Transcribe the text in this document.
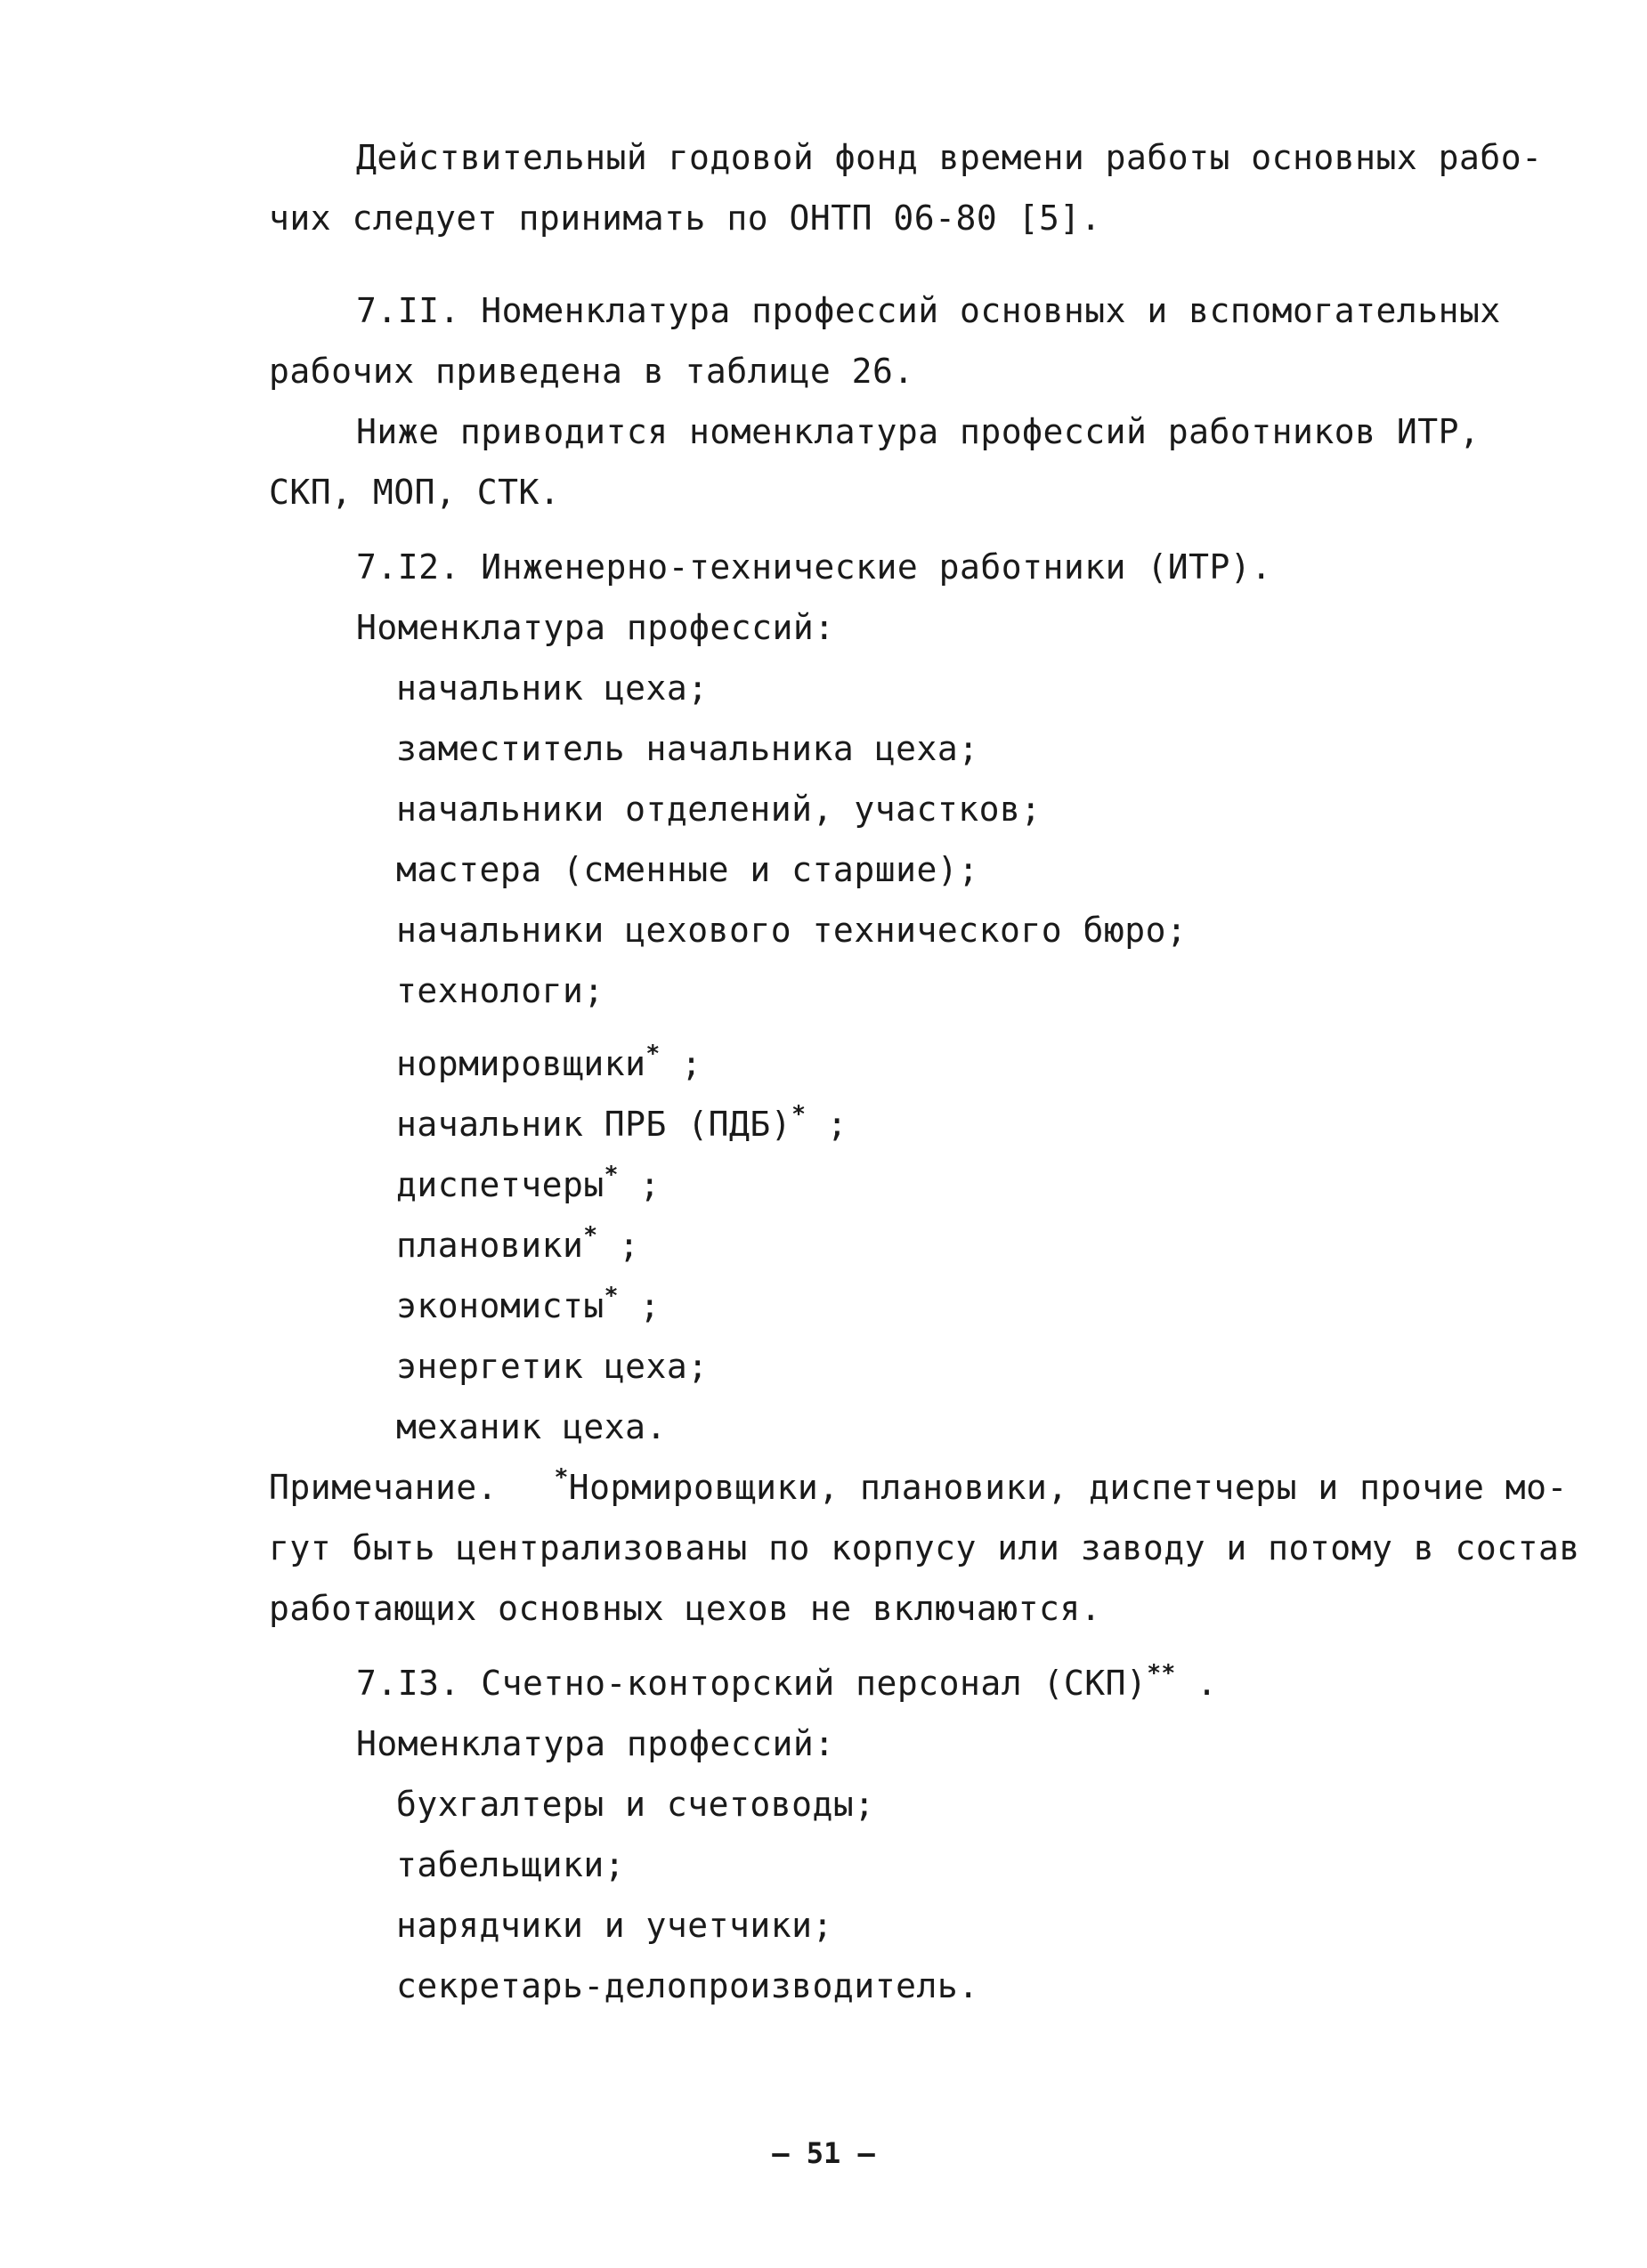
Действительный годовой фонд времени работы основных рабо-
чих следует принимать по ОНТП 06-80 [5].
7.II. Номенклатура профессий основных и вспомогательных
рабочих приведена в таблице 26.
Ниже приводится номенклатура профессий работников ИТР,
СКП, МОП, СТК.
7.I2. Инженерно-технические работники (ИТР).
Номенклатура профессий:
начальник цеха;
заместитель начальника цеха;
начальники отделений, участков;
мастера (сменные и старшие);
начальники цехового технического бюро;
технологи;
нормировщики* ;
начальник ПРБ (ПДБ)* ;
диспетчеры* ;
плановики* ;
экономисты* ;
энергетик цеха;
механик цеха.
Примечание. *Нормировщики, плановики, диспетчеры и прочие мо-
гут быть централизованы по корпусу или заводу и потому в состав
работающих основных цехов не включаются.
7.I3. Счетно-конторский персонал (СКП)** .
Номенклатура профессий:
бухгалтеры и счетоводы;
табельщики;
нарядчики и учетчики;
секретарь-делопроизводитель.
— 51 —
